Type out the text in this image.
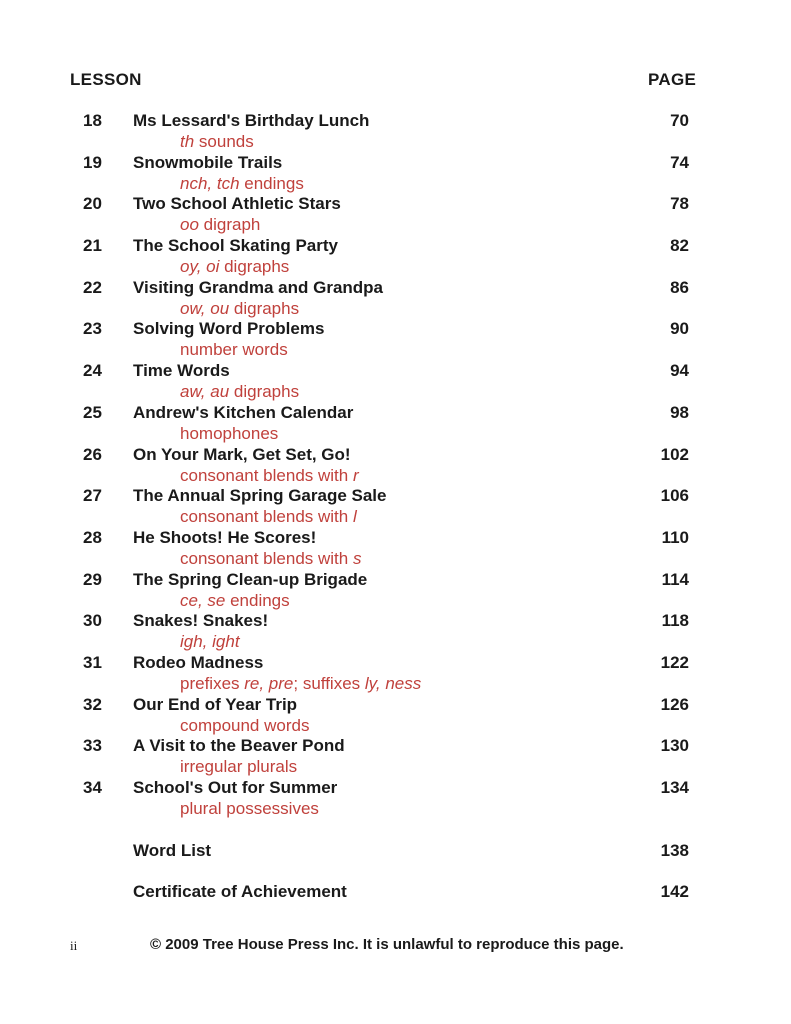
LESSON	PAGE
18 Ms Lessard's Birthday Lunch	70
th sounds
19 Snowmobile Trails	74
nch, tch endings
20 Two School Athletic Stars	78
oo digraph
21 The School Skating Party	82
oy, oi digraphs
22 Visiting Grandma and Grandpa	86
ow, ou digraphs
23 Solving Word Problems	90
number words
24 Time Words	94
aw, au digraphs
25 Andrew's Kitchen Calendar	98
homophones
26 On Your Mark, Get Set, Go!	102
consonant blends with r
27 The Annual Spring Garage Sale	106
consonant blends with l
28 He Shoots! He Scores!	110
consonant blends with s
29 The Spring Clean-up Brigade	114
ce, se endings
30 Snakes! Snakes!	118
igh, ight
31 Rodeo Madness	122
prefixes re, pre; suffixes ly, ness
32 Our End of Year Trip	126
compound words
33 A Visit to the Beaver Pond	130
irregular plurals
34 School's Out for Summer	134
plural possessives
Word List	138
Certificate of Achievement	142
ii	© 2009 Tree House Press Inc. It is unlawful to reproduce this page.
